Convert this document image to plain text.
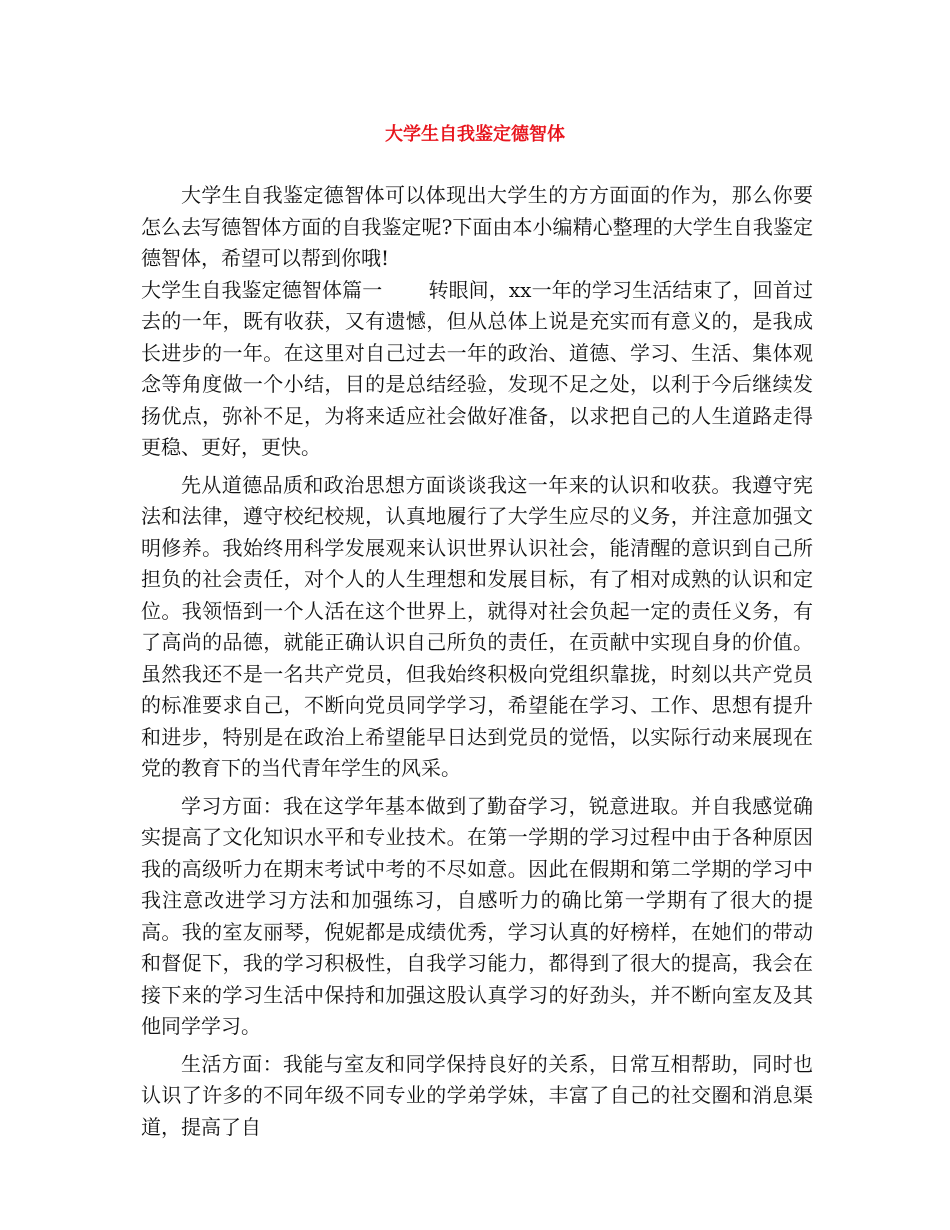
大学生自我鉴定德智体

大学生自我鉴定德智体可以体现出大学生的方方面面的作为，那么你要怎么去写德智体方面的自我鉴定呢?下面由本小编精心整理的大学生自我鉴定德智体，希望可以帮到你哦!

大学生自我鉴定德智体篇一 转眼间，xx一年的学习生活结束了，回首过去的一年，既有收获，又有遗憾，但从总体上说是充实而有意义的，是我成长进步的一年。在这里对自己过去一年的政治、道德、学习、生活、集体观念等角度做一个小结，目的是总结经验，发现不足之处，以利于今后继续发扬优点，弥补不足，为将来适应社会做好准备，以求把自己的人生道路走得更稳、更好，更快。

先从道德品质和政治思想方面谈谈我这一年来的认识和收获。我遵守宪法和法律，遵守校纪校规，认真地履行了大学生应尽的义务，并注意加强文明修养。我始终用科学发展观来认识世界认识社会，能清醒的意识到自己所担负的社会责任，对个人的人生理想和发展目标，有了相对成熟的认识和定位。我领悟到一个人活在这个世界上，就得对社会负起一定的责任义务，有了高尚的品德，就能正确认识自己所负的责任，在贡献中实现自身的价值。虽然我还不是一名共产党员，但我始终积极向党组织靠拢，时刻以共产党员的标准要求自己，不断向党员同学学习，希望能在学习、工作、思想有提升和进步，特别是在政治上希望能早日达到党员的觉悟，以实际行动来展现在党的教育下的当代青年学生的风采。

学习方面：我在这学年基本做到了勤奋学习，锐意进取。并自我感觉确实提高了文化知识水平和专业技术。在第一学期的学习过程中由于各种原因我的高级听力在期末考试中考的不尽如意。因此在假期和第二学期的学习中我注意改进学习方法和加强练习，自感听力的确比第一学期有了很大的提高。我的室友丽琴，倪妮都是成绩优秀，学习认真的好榜样，在她们的带动和督促下，我的学习积极性，自我学习能力，都得到了很大的提高，我会在接下来的学习生活中保持和加强这股认真学习的好劲头，并不断向室友及其他同学学习。

生活方面：我能与室友和同学保持良好的关系，日常互相帮助，同时也认识了许多的不同年级不同专业的学弟学妹，丰富了自己的社交圈和消息渠道，提高了自
